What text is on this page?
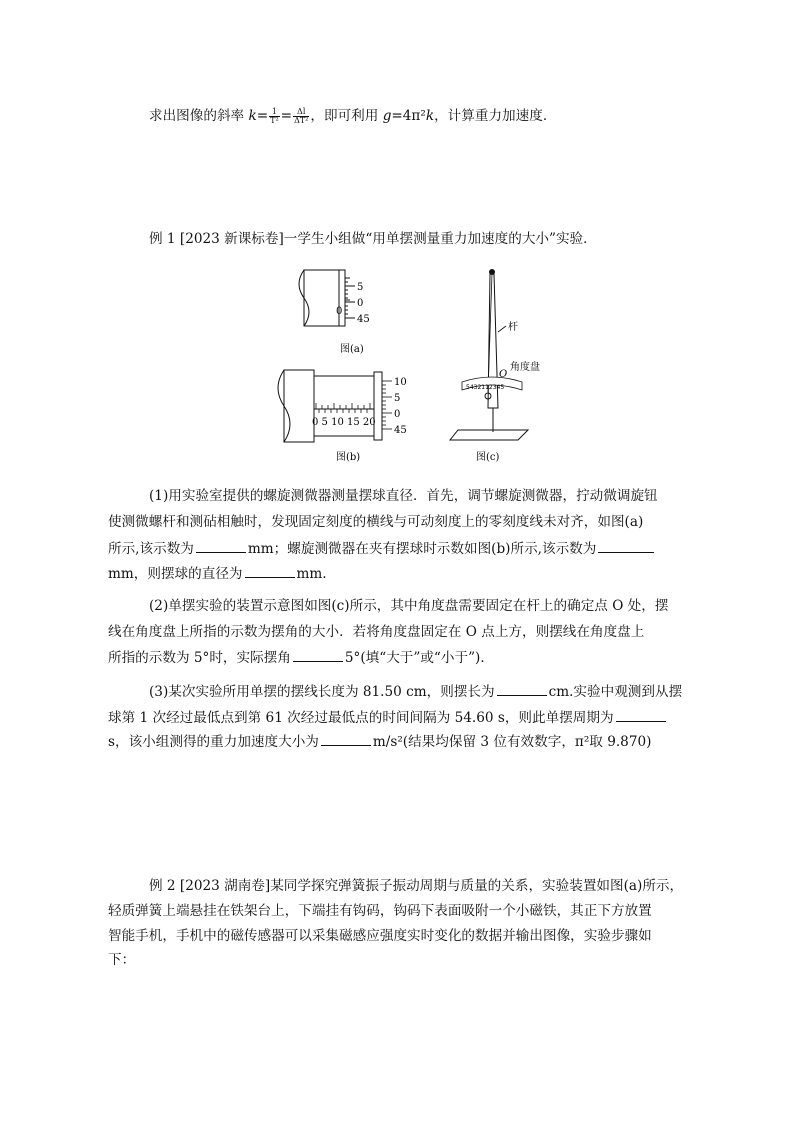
求出图像的斜率 $k= \frac{1}{\text{T²}} = \frac{\Delta l}{\text{ΔT²}}$ ，即可利用 g=4π²k，计算重力加速度．
例 1 [2023 新课标卷]一学生小组做“用单摆测量重力加速度的大小”实验．
5
0
45
0
图(a)
0 5 10 15 20
10
5
0
45
图(b)
5432112345
杆
角度盘
O
图(c)
(1)用实验室提供的螺旋测微器测量摆球直径．首先，调节螺旋测微器，拧动微调旋钮
使测微螺杆和测砧相触时，发现固定刻度的横线与可动刻度上的零刻度线未对齐，如图(a)
所示,该示数为	mm；螺旋测微器在夹有摆球时示数如图(b)所示,该示数为
mm，则摆球的直径为	mm.
(2)单摆实验的装置示意图如图(c)所示，其中角度盘需要固定在杆上的确定点 O 处，摆
线在角度盘上所指的示数为摆角的大小．若将角度盘固定在 O 点上方，则摆线在角度盘上
所指的示数为 5°时，实际摆角	5°(填“大于”或“小于”)．
(3)某次实验所用单摆的摆线长度为 81.50 cm，则摆长为	cm.实验中观测到从摆
球第 1 次经过最低点到第 61 次经过最低点的时间间隔为 54.60 s，则此单摆周期为
s，该小组测得的重力加速度大小为	m/s²(结果均保留 3 位有效数字，π²取 9.870)
例 2 [2023 湖南卷]某同学探究弹簧振子振动周期与质量的关系，实验装置如图(a)所示，
轻质弹簧上端悬挂在铁架台上，下端挂有钩码，钩码下表面吸附一个小磁铁，其正下方放置
智能手机，手机中的磁传感器可以采集磁感应强度实时变化的数据并输出图像，实验步骤如
下：
